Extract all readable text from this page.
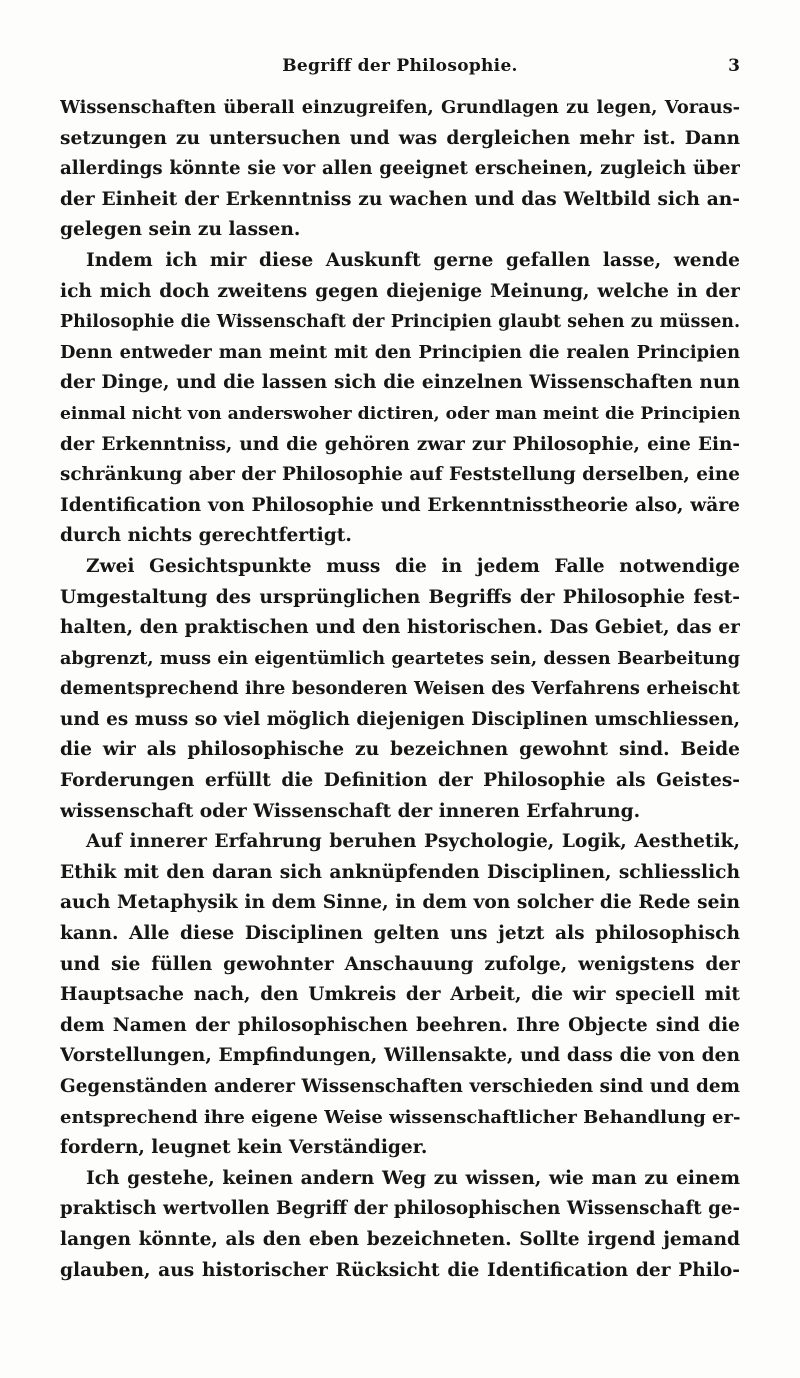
Begriff der Philosophie.	3
Wissenschaften überall einzugreifen, Grundlagen zu legen, Voraus-
setzungen zu untersuchen und was dergleichen mehr ist. Dann
allerdings könnte sie vor allen geeignet erscheinen, zugleich über
der Einheit der Erkenntniss zu wachen und das Weltbild sich an-
gelegen sein zu lassen.
Indem ich mir diese Auskunft gerne gefallen lasse, wende
ich mich doch zweitens gegen diejenige Meinung, welche in der
Philosophie die Wissenschaft der Principien glaubt sehen zu müssen.
Denn entweder man meint mit den Principien die realen Principien
der Dinge, und die lassen sich die einzelnen Wissenschaften nun
einmal nicht von anderswoher dictiren, oder man meint die Principien
der Erkenntniss, und die gehören zwar zur Philosophie, eine Ein-
schränkung aber der Philosophie auf Feststellung derselben, eine
Identification von Philosophie und Erkenntnisstheorie also, wäre
durch nichts gerechtfertigt.
Zwei Gesichtspunkte muss die in jedem Falle notwendige
Umgestaltung des ursprünglichen Begriffs der Philosophie fest-
halten, den praktischen und den historischen. Das Gebiet, das er
abgrenzt, muss ein eigentümlich geartetes sein, dessen Bearbeitung
dementsprechend ihre besonderen Weisen des Verfahrens erheischt
und es muss so viel möglich diejenigen Disciplinen umschliessen,
die wir als philosophische zu bezeichnen gewohnt sind. Beide
Forderungen erfüllt die Definition der Philosophie als Geistes-
wissenschaft oder Wissenschaft der inneren Erfahrung.
Auf innerer Erfahrung beruhen Psychologie, Logik, Aesthetik,
Ethik mit den daran sich anknüpfenden Disciplinen, schliesslich
auch Metaphysik in dem Sinne, in dem von solcher die Rede sein
kann. Alle diese Disciplinen gelten uns jetzt als philosophisch
und sie füllen gewohnter Anschauung zufolge, wenigstens der
Hauptsache nach, den Umkreis der Arbeit, die wir speciell mit
dem Namen der philosophischen beehren. Ihre Objecte sind die
Vorstellungen, Empfindungen, Willensakte, und dass die von den
Gegenständen anderer Wissenschaften verschieden sind und dem
entsprechend ihre eigene Weise wissenschaftlicher Behandlung er-
fordern, leugnet kein Verständiger.
Ich gestehe, keinen andern Weg zu wissen, wie man zu einem
praktisch wertvollen Begriff der philosophischen Wissenschaft ge-
langen könnte, als den eben bezeichneten. Sollte irgend jemand
glauben, aus historischer Rücksicht die Identification der Philo-
